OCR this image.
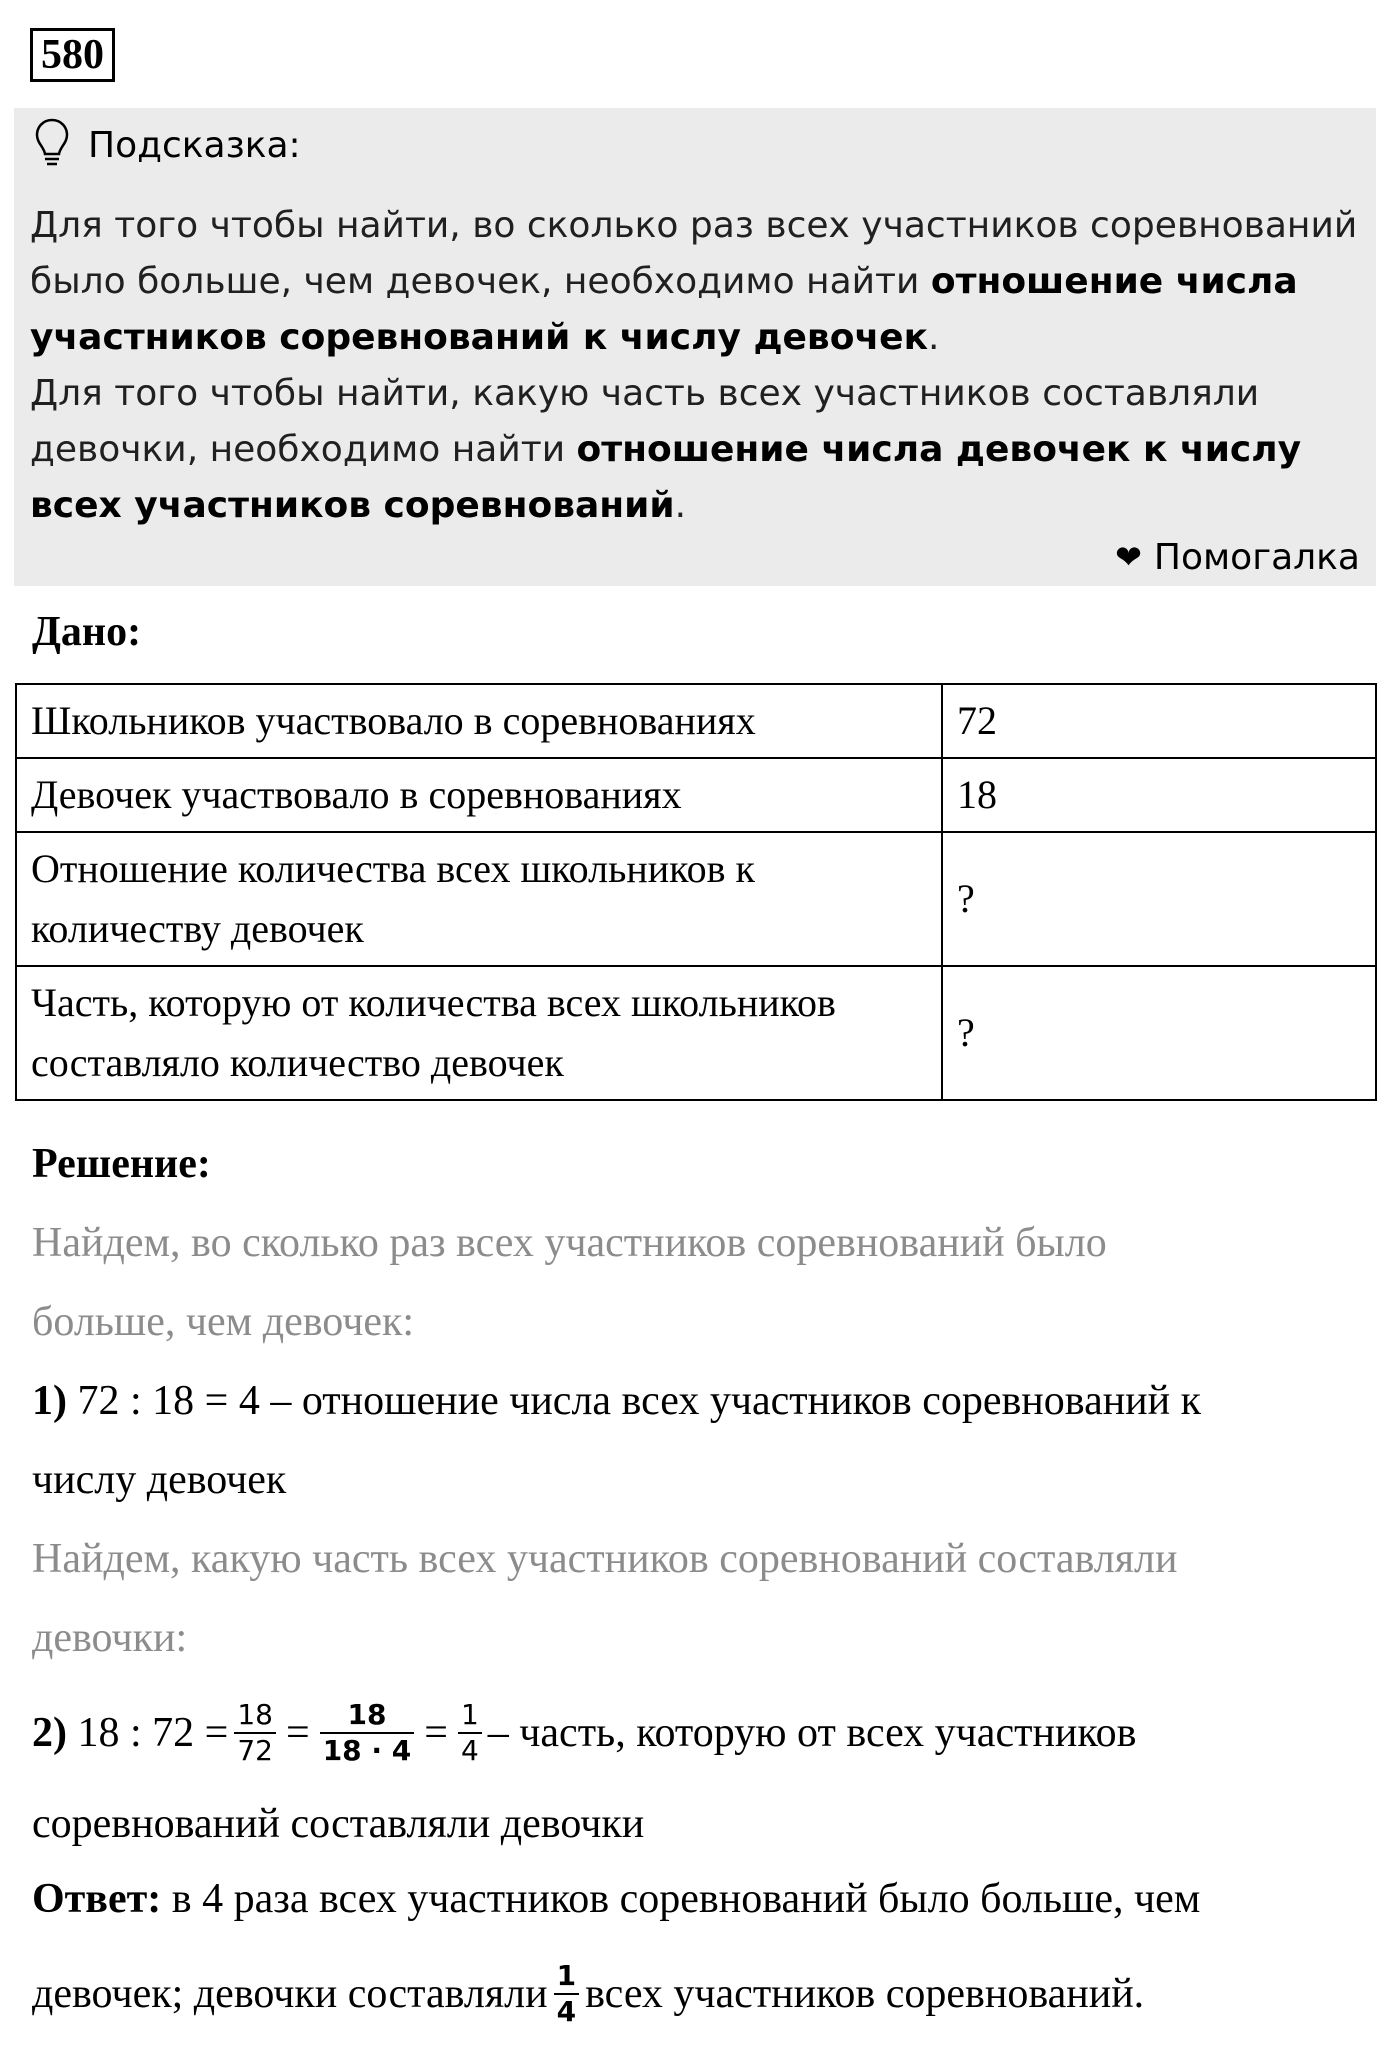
580
Подсказка:

Для того чтобы найти, во сколько раз всех участников соревнований было больше, чем девочек, необходимо найти отношение числа участников соревнований к числу девочек.

Для того чтобы найти, какую часть всех участников составляли девочки, необходимо найти отношение числа девочек к числу всех участников соревнований.

❤ Помогалка
Дано:
Школьников участвовало в соревнованиях	72
Девочек участвовало в соревнованиях	18
Отношение количества всех школьников к количеству девочек	?
Часть, которую от количества всех школьников составляло количество девочек	?
Решение:
Найдем, во сколько раз всех участников соревнований было
больше, чем девочек:
1) 72 : 18 = 4 – отношение числа всех участников соревнований к
числу девочек
Найдем, какую часть всех участников соревнований составляли
девочки:
2) 18 : $72 = \frac{18}{72} = \frac{18}{18 \cdot 4} = \frac{1}{4}$ – часть, которую от всех участников
соревнований составляли девочки
Ответ: в 4 раза всех участников соревнований было больше, чем
девочек; девочки составляли $\frac{1}{4}$ всех участников соревнований.
